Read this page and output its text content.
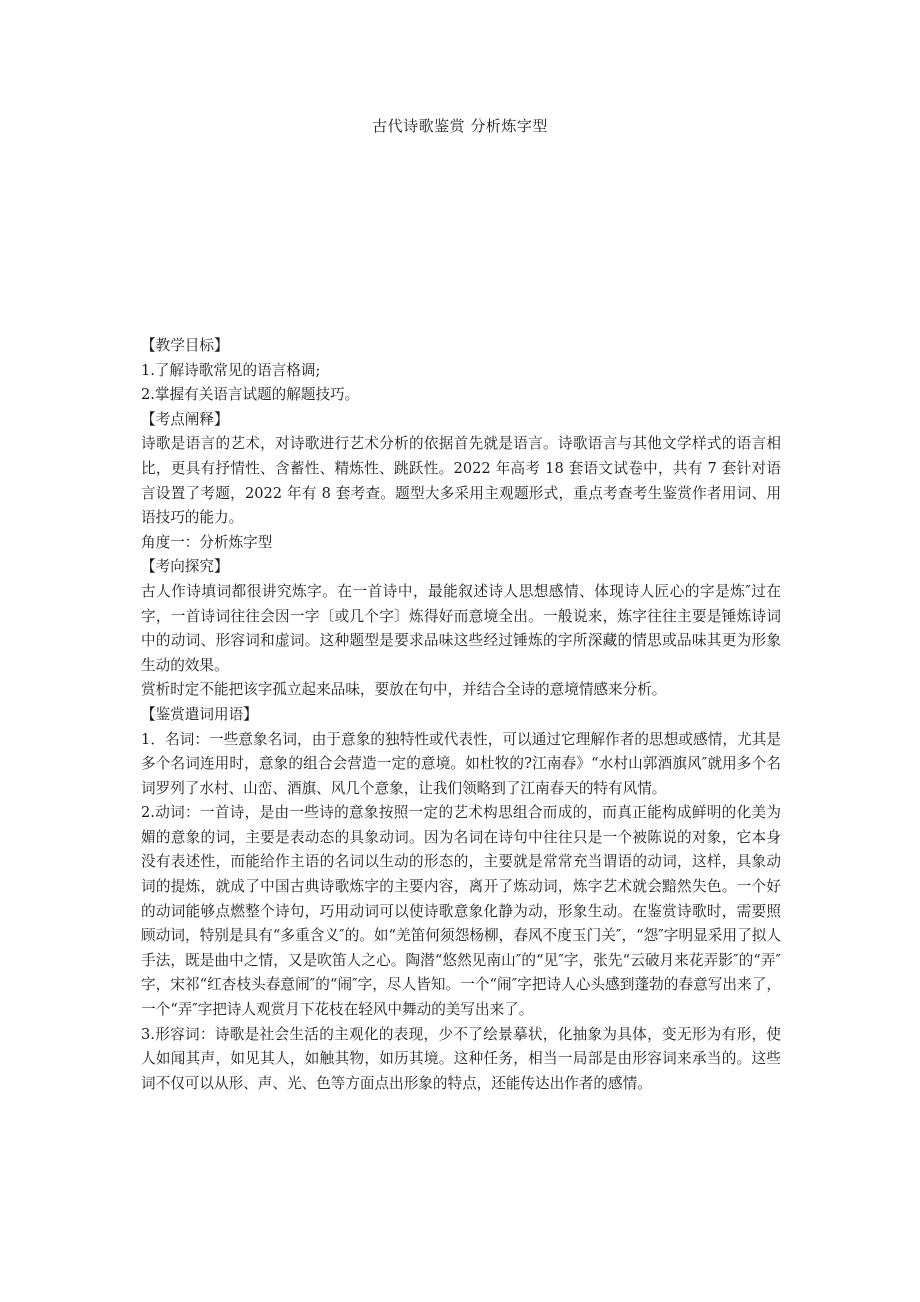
古代诗歌鉴赏 分析炼字型

【教学目标】

1.了解诗歌常见的语言格调;

2.掌握有关语言试题的解题技巧。

【考点阐释】

诗歌是语言的艺术，对诗歌进行艺术分析的依据首先就是语言。诗歌语言与其他文学样式的语言相比，更具有抒情性、含蓄性、精炼性、跳跃性。2022 年高考 18 套语文试卷中，共有 7 套针对语言设置了考题，2022 年有 8 套考查。题型大多采用主观题形式，重点考查考生鉴赏作者用词、用语技巧的能力。

角度一：分析炼字型

【考向探究】

古人作诗填词都很讲究炼字。在一首诗中，最能叙述诗人思想感情、体现诗人匠心的字是炼″过在字，一首诗词往往会因一字〔或几个字〕炼得好而意境全出。一般说来，炼字往往主要是锤炼诗词中的动词、形容词和虚词。这种题型是要求品味这些经过锤炼的字所深藏的情思或品味其更为形象生动的效果。

赏析时定不能把该字孤立起来品味，要放在句中，并结合全诗的意境情感来分析。

【鉴赏遣词用语】

1．名词：一些意象名词，由于意象的独特性或代表性，可以通过它理解作者的思想或感情，尤其是多个名词连用时，意象的组合会营造一定的意境。如杜牧的?江南春》“水村山郭酒旗风″就用多个名词罗列了水村、山峦、酒旗、风几个意象，让我们领略到了江南春天的特有风情。

2.动词：一首诗，是由一些诗的意象按照一定的艺术构思组合而成的，而真正能构成鲜明的化美为媚的意象的词，主要是表动态的具象动词。因为名词在诗句中往往只是一个被陈说的对象，它本身没有表述性，而能给作主语的名词以生动的形态的，主要就是常常充当谓语的动词，这样，具象动词的提炼，就成了中国古典诗歌炼字的主要内容，离开了炼动词，炼字艺术就会黯然失色。一个好的动词能够点燃整个诗句，巧用动词可以使诗歌意象化静为动，形象生动。在鉴赏诗歌时，需要照顾动词，特别是具有“多重含义″的。如“羌笛何须怨杨柳，春风不度玉门关″，“怨″字明显采用了拟人手法，既是曲中之情，又是吹笛人之心。陶潜“悠然见南山″的“见″字，张先“云破月来花弄影″的“弄″字，宋祁“红杏枝头春意闹″的“闹″字，尽人皆知。一个“闹″字把诗人心头感到蓬勃的春意写出来了，一个“弄″字把诗人观赏月下花枝在轻风中舞动的美写出来了。

3.形容词：诗歌是社会生活的主观化的表现，少不了绘景摹状，化抽象为具体，变无形为有形，使人如闻其声，如见其人，如触其物，如历其境。这种任务，相当一局部是由形容词来承当的。这些词不仅可以从形、声、光、色等方面点出形象的特点，还能传达出作者的感情。
